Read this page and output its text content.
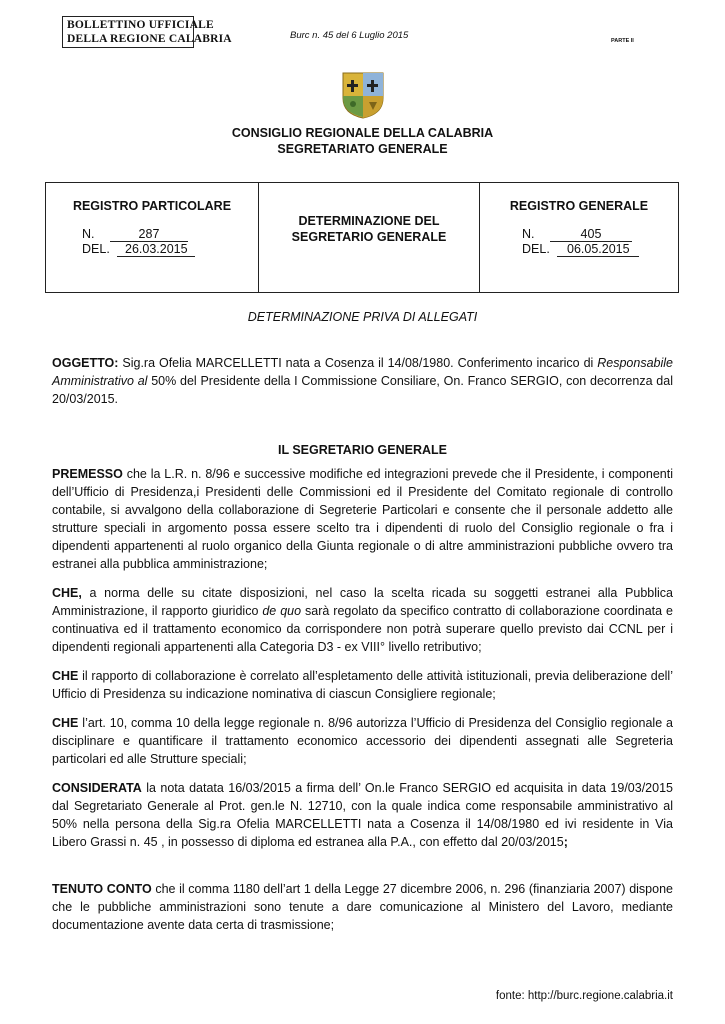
BOLLETTINO UFFICIALE
DELLA REGIONE CALABRIA	Burc n. 45 del 6 Luglio 2015	PARTE II
CONSIGLIO REGIONALE DELLA CALABRIA
SEGRETARIATO GENERALE
REGISTRO PARTICOLARE
N.	287
DEL. 26.03.2015
DETERMINAZIONE DEL
SEGRETARIO GENERALE
REGISTRO GENERALE
N.	405
DEL. 06.05.2015
DETERMINAZIONE PRIVA DI ALLEGATI
OGGETTO: Sig.ra Ofelia MARCELLETTI nata a Cosenza il 14/08/1980. Conferimento incarico di Responsabile Amministrativo al 50% del Presidente della I Commissione Consiliare, On. Franco SERGIO, con decorrenza dal 20/03/2015.
IL SEGRETARIO GENERALE
PREMESSO che la L.R. n. 8/96 e successive modifiche ed integrazioni prevede che il Presidente, i componenti dell’Ufficio di Presidenza,i Presidenti delle Commissioni ed il Presidente del Comitato regionale di controllo contabile, si avvalgono della collaborazione di Segreterie Particolari e consente che il personale addetto alle strutture speciali in argomento possa essere scelto tra i dipendenti di ruolo del Consiglio regionale o fra i dipendenti appartenenti al ruolo organico della Giunta regionale o di altre amministrazioni pubbliche ovvero tra estranei alla pubblica amministrazione;
CHE, a norma delle su citate disposizioni, nel caso la scelta ricada su soggetti estranei alla Pubblica Amministrazione, il rapporto giuridico de quo sarà regolato da specifico contratto di collaborazione coordinata e continuativa ed il trattamento economico da corrispondere non potrà superare quello previsto dai CCNL per i dipendenti regionali appartenenti alla Categoria D3 - ex VIII° livello retributivo;
CHE il rapporto di collaborazione è correlato all’espletamento delle attività istituzionali, previa deliberazione dell’ Ufficio di Presidenza su indicazione nominativa di ciascun Consigliere regionale;
CHE l’art. 10, comma 10 della legge regionale n. 8/96 autorizza l’Ufficio di Presidenza del Consiglio regionale a disciplinare e quantificare il trattamento economico accessorio dei dipendenti assegnati alle Segreteria particolari ed alle Strutture speciali;
CONSIDERATA la nota datata 16/03/2015 a firma dell’ On.le Franco SERGIO ed acquisita in data 19/03/2015 dal Segretariato Generale al Prot. gen.le N. 12710, con la quale indica come responsabile amministrativo al 50% nella persona della Sig.ra Ofelia MARCELLETTI nata a Cosenza il 14/08/1980 ed ivi residente in Via Libero Grassi n. 45 , in possesso di diploma ed estranea alla P.A., con effetto dal 20/03/2015;
TENUTO CONTO che il comma 1180 dell’art 1 della Legge 27 dicembre 2006, n. 296 (finanziaria 2007) dispone che le pubbliche amministrazioni sono tenute a dare comunicazione al Ministero del Lavoro, mediante documentazione avente data certa di trasmissione;
fonte: http://burc.regione.calabria.it
